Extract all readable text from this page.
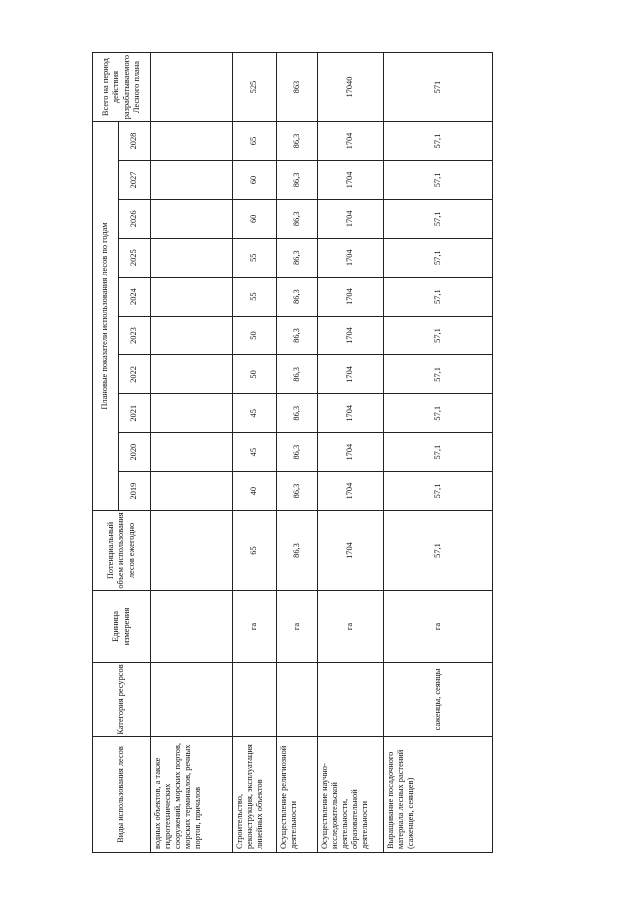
Виды использования лесов	Категория ресурсов	Единица измерения	Потенциальный объем использования лесов ежегодно	Плановые показатели использования лесов по годам										Всего на период действия разрабатываемого Лесного плана

				2019	2020	2021	2022	2023	2024	2025	2026	2027	2028	
водных объектов, а также гидротехнических сооружений, морских портов, морских терминалов, речных портов, причалов														
Строительство, реконструкция, эксплуатация линейных объектов		га	65	40	45	45	50	50	55	55	60	60	65	525
Осуществление религиозной деятельности		га	86,3	86,3	86,3	86,3	86,3	86,3	86,3	86,3	86,3	86,3	86,3	863
Осуществление научно-исследовательской деятельности, образовательной деятельности		га	1704	1704	1704	1704	1704	1704	1704	1704	1704	1704	1704	17040
Выращивание посадочного материала лесных растений (саженцев, сеянцев)	саженцы, сеянцы	га	57,1	57,1	57,1	57,1	57,1	57,1	57,1	57,1	57,1	57,1	57,1	571
